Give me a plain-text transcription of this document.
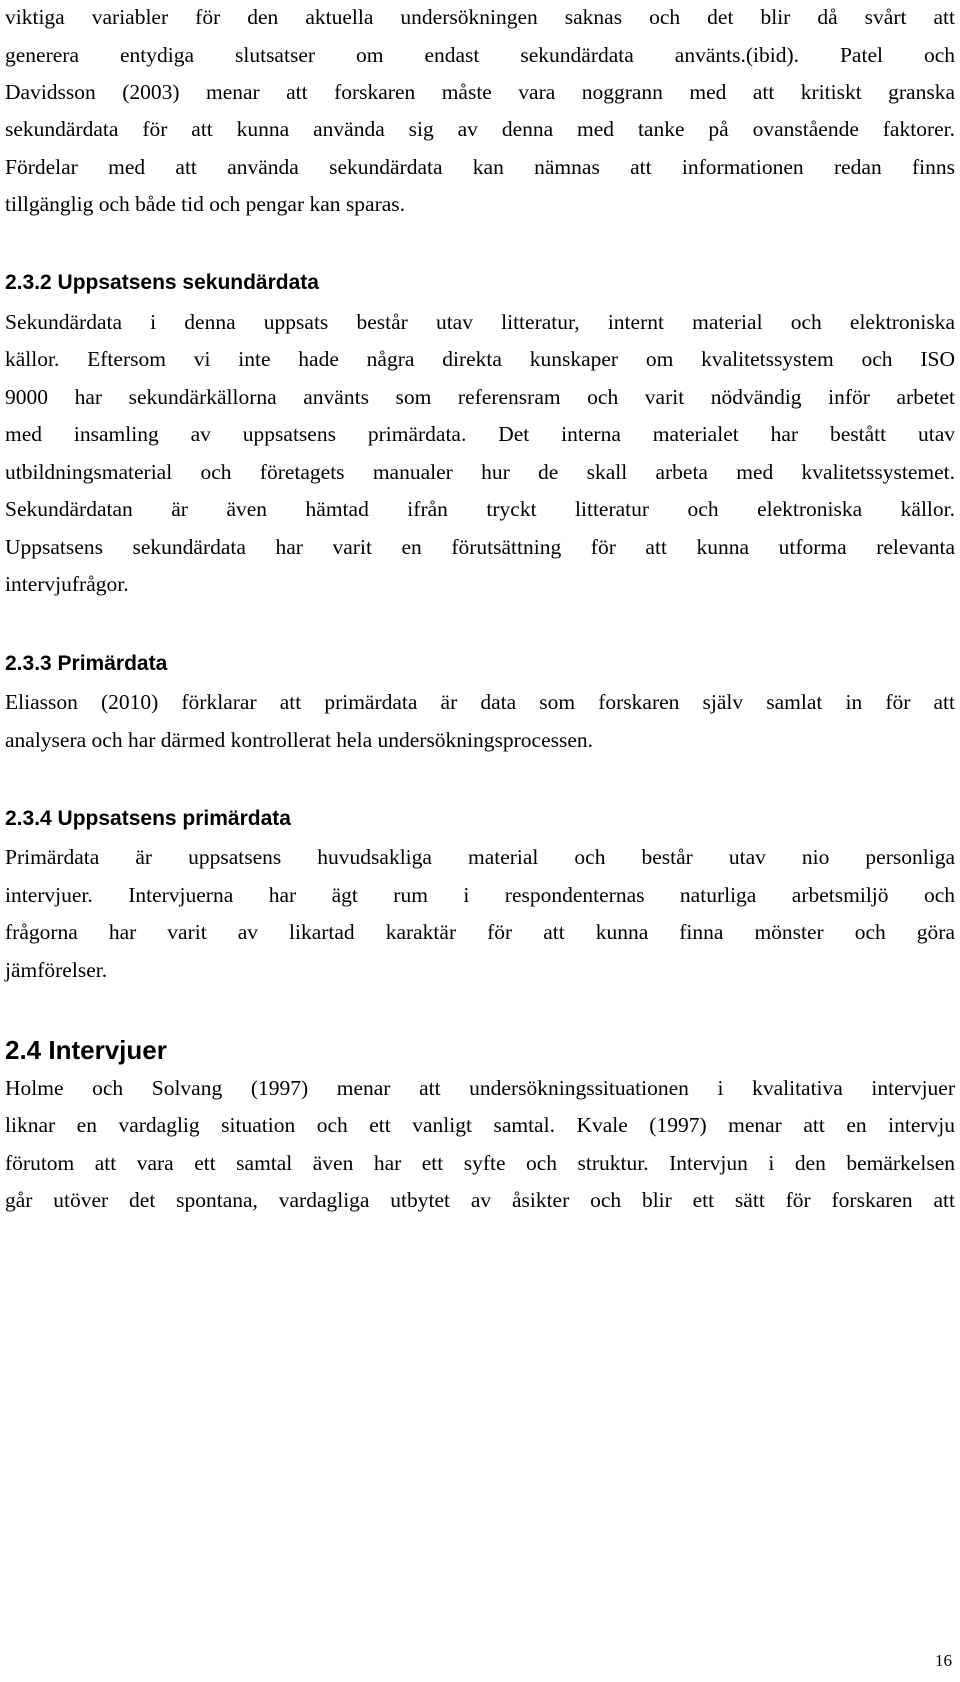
viktiga variabler för den aktuella undersökningen saknas och det blir då svårt att
generera entydiga slutsatser om endast sekundärdata använts.(ibid). Patel och
Davidsson (2003) menar att forskaren måste vara noggrann med att kritiskt granska
sekundärdata för att kunna använda sig av denna med tanke på ovanstående faktorer.
Fördelar med att använda sekundärdata kan nämnas att informationen redan finns
tillgänglig och både tid och pengar kan sparas.
2.3.2 Uppsatsens sekundärdata
Sekundärdata i denna uppsats består utav litteratur, internt material och elektroniska
källor. Eftersom vi inte hade några direkta kunskaper om kvalitetssystem och ISO
9000 har sekundärkällorna använts som referensram och varit nödvändig inför arbetet
med insamling av uppsatsens primärdata. Det interna materialet har bestått utav
utbildningsmaterial och företagets manualer hur de skall arbeta med kvalitetssystemet.
Sekundärdatan är även hämtad ifrån tryckt litteratur och elektroniska källor.
Uppsatsens sekundärdata har varit en förutsättning för att kunna utforma relevanta
intervjufrågor.
2.3.3 Primärdata
Eliasson (2010) förklarar att primärdata är data som forskaren själv samlat in för att
analysera och har därmed kontrollerat hela undersökningsprocessen.
2.3.4 Uppsatsens primärdata
Primärdata är uppsatsens huvudsakliga material och består utav nio personliga
intervjuer. Intervjuerna har ägt rum i respondenternas naturliga arbetsmiljö och
frågorna har varit av likartad karaktär för att kunna finna mönster och göra
jämförelser.
2.4 Intervjuer
Holme och Solvang (1997) menar att undersökningssituationen i kvalitativa intervjuer
liknar en vardaglig situation och ett vanligt samtal. Kvale (1997) menar att en intervju
förutom att vara ett samtal även har ett syfte och struktur. Intervjun i den bemärkelsen
går utöver det spontana, vardagliga utbytet av åsikter och blir ett sätt för forskaren att
16
